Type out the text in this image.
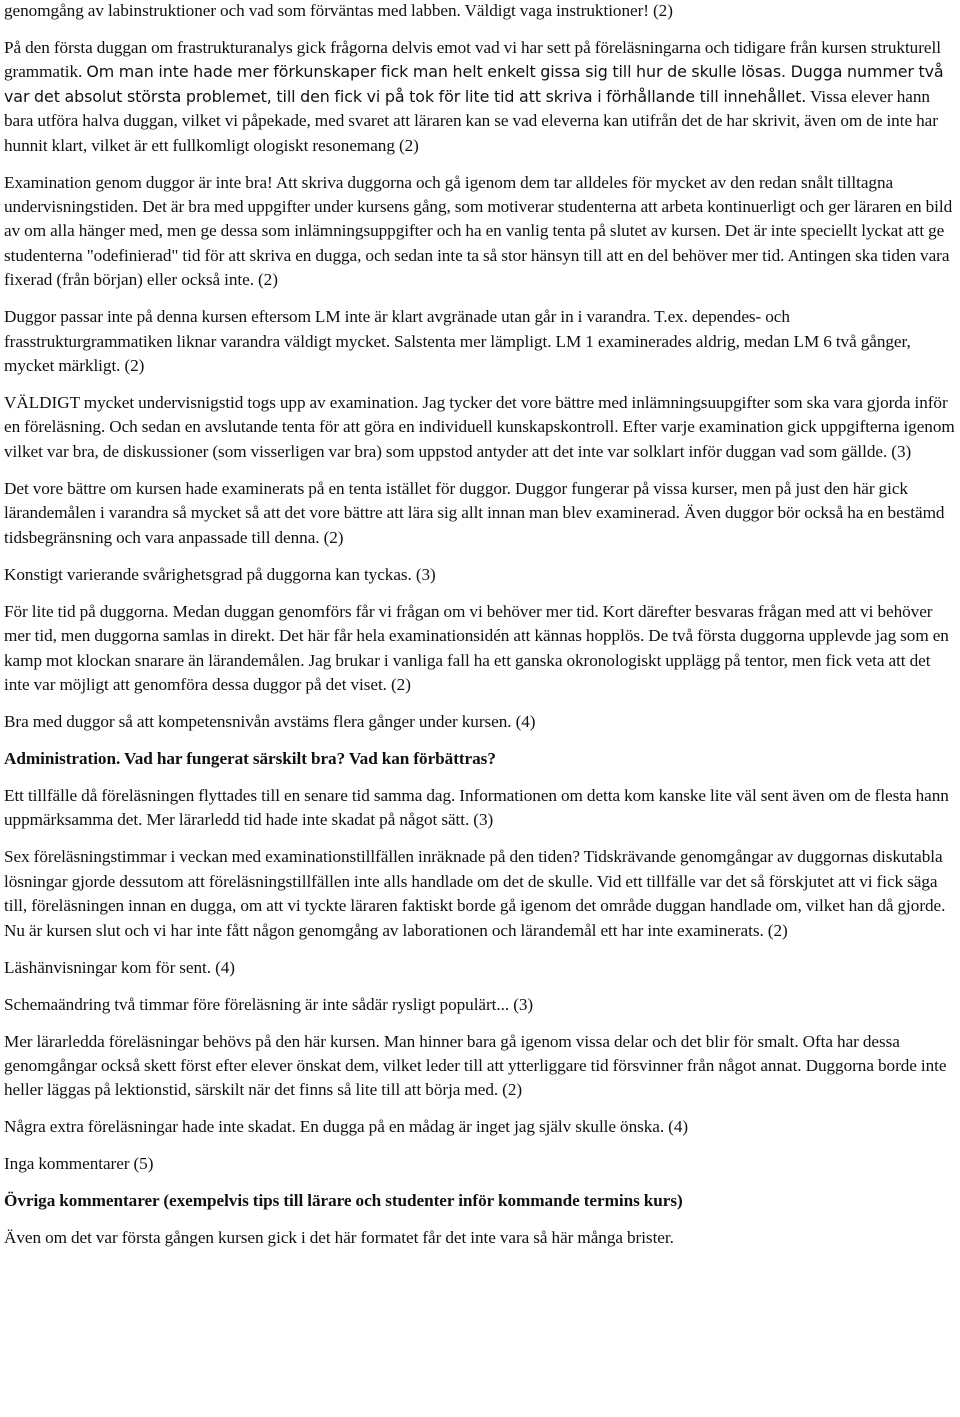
genomgång av labinstruktioner och vad som förväntas med labben. Väldigt vaga instruktioner! (2)

På den första duggan om frastrukturanalys gick frågorna delvis emot vad vi har sett på föreläsningarna och tidigare från kursen strukturell grammatik. Om man inte hade mer förkunskaper fick man helt enkelt gissa sig till hur de skulle lösas. Dugga nummer två var det absolut största problemet, till den fick vi på tok för lite tid att skriva i förhållande till innehållet. Vissa elever hann bara utföra halva duggan, vilket vi påpekade, med svaret att läraren kan se vad eleverna kan utifrån det de har skrivit, även om de inte har hunnit klart, vilket är ett fullkomligt ologiskt resonemang (2)

Examination genom duggor är inte bra! Att skriva duggorna och gå igenom dem tar alldeles för mycket av den redan snålt tilltagna undervisningstiden. Det är bra med uppgifter under kursens gång, som motiverar studenterna att arbeta kontinuerligt och ger läraren en bild av om alla hänger med, men ge dessa som inlämningsuppgifter och ha en vanlig tenta på slutet av kursen. Det är inte speciellt lyckat att ge studenterna "odefinierad" tid för att skriva en dugga, och sedan inte ta så stor hänsyn till att en del behöver mer tid. Antingen ska tiden vara fixerad (från början) eller också inte. (2)

Duggor passar inte på denna kursen eftersom LM inte är klart avgränade utan går in i varandra. T.ex. dependes- och frasstrukturgrammatiken liknar varandra väldigt mycket. Salstenta mer lämpligt. LM 1 examinerades aldrig, medan LM 6 två gånger, mycket märkligt. (2)

VÄLDIGT mycket undervisnigstid togs upp av examination. Jag tycker det vore bättre med inlämningsuupgifter som ska vara gjorda inför en föreläsning. Och sedan en avslutande tenta för att göra en individuell kunskapskontroll. Efter varje examination gick uppgifterna igenom vilket var bra, de diskussioner (som visserligen var bra) som uppstod antyder att det inte var solklart inför duggan vad som gällde. (3)

Det vore bättre om kursen hade examinerats på en tenta istället för duggor. Duggor fungerar på vissa kurser, men på just den här gick lärandemålen i varandra så mycket så att det vore bättre att lära sig allt innan man blev examinerad. Även duggor bör också ha en bestämd tidsbegränsning och vara anpassade till denna. (2)

Konstigt varierande svårighetsgrad på duggorna kan tyckas. (3)

För lite tid på duggorna. Medan duggan genomförs får vi frågan om vi behöver mer tid. Kort därefter besvaras frågan med att vi behöver mer tid, men duggorna samlas in direkt. Det här får hela examinationsidén att kännas hopplös. De två första duggorna upplevde jag som en kamp mot klockan snarare än lärandemålen. Jag brukar i vanliga fall ha ett ganska okronologiskt upplägg på tentor, men fick veta att det inte var möjligt att genomföra dessa duggor på det viset. (2)

Bra med duggor så att kompetensnivån avstäms flera gånger under kursen. (4)

Administration. Vad har fungerat särskilt bra? Vad kan förbättras?

Ett tillfälle då föreläsningen flyttades till en senare tid samma dag. Informationen om detta kom kanske lite väl sent även om de flesta hann uppmärksamma det. Mer lärarledd tid hade inte skadat på något sätt. (3)

Sex föreläsningstimmar i veckan med examinationstillfällen inräknade på den tiden? Tidskrävande genomgångar av duggornas diskutabla lösningar gjorde dessutom att föreläsningstillfällen inte alls handlade om det de skulle. Vid ett tillfälle var det så förskjutet att vi fick säga till, föreläsningen innan en dugga, om att vi tyckte läraren faktiskt borde gå igenom det område duggan handlade om, vilket han då gjorde. Nu är kursen slut och vi har inte fått någon genomgång av laborationen och lärandemål ett har inte examinerats. (2)

Läshänvisningar kom för sent. (4)

Schemaändring två timmar före föreläsning är inte sådär rysligt populärt... (3)

Mer lärarledda föreläsningar behövs på den här kursen. Man hinner bara gå igenom vissa delar och det blir för smalt. Ofta har dessa genomgångar också skett först efter elever önskat dem, vilket leder till att ytterliggare tid försvinner från något annat. Duggorna borde inte heller läggas på lektionstid, särskilt när det finns så lite till att börja med. (2)

Några extra föreläsningar hade inte skadat. En dugga på en mådag är inget jag själv skulle önska. (4)

Inga kommentarer (5)

Övriga kommentarer (exempelvis tips till lärare och studenter inför kommande termins kurs)

Även om det var första gången kursen gick i det här formatet får det inte vara så här många brister.
